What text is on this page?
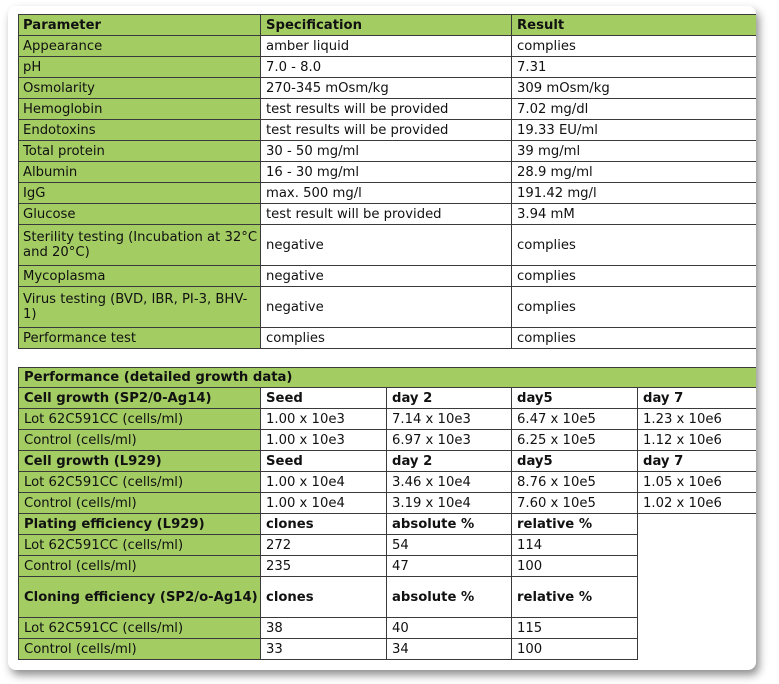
Parameter	Specification	Result
Appearance	amber liquid	complies
pH	7.0 - 8.0	7.31
Osmolarity	270-345 mOsm/kg	309 mOsm/kg
Hemoglobin	test results will be provided	7.02 mg/dl
Endotoxins	test results will be provided	19.33 EU/ml
Total protein	30 - 50 mg/ml	39 mg/ml
Albumin	16 - 30 mg/ml	28.9 mg/ml
IgG	max. 500 mg/l	191.42 mg/l
Glucose	test result will be provided	3.94 mM
Sterility testing (Incubation at 32°C and 20°C)	negative	complies
Mycoplasma	negative	complies
Virus testing (BVD, IBR, PI-3, BHV-1)	negative	complies
Performance test	complies	complies
Performance (detailed growth data)				
Cell growth (SP2/0-Ag14)	Seed	day 2	day5	day 7
Lot 62C591CC (cells/ml)	1.00 x 10e3	7.14 x 10e3	6.47 x 10e5	1.23 x 10e6
Control (cells/ml)	1.00 x 10e3	6.97 x 10e3	6.25 x 10e5	1.12 x 10e6
Cell growth (L929)	Seed	day 2	day5	day 7
Lot 62C591CC (cells/ml)	1.00 x 10e4	3.46 x 10e4	8.76 x 10e5	1.05 x 10e6
Control (cells/ml)	1.00 x 10e4	3.19 x 10e4	7.60 x 10e5	1.02 x 10e6
Plating efficiency (L929)	clones	absolute %	relative %	
Lot 62C591CC (cells/ml)	272	54	114	
Control (cells/ml)	235	47	100	
Cloning efficiency (SP2/o-Ag14)	clones	absolute %	relative %	
Lot 62C591CC (cells/ml)	38	40	115	
Control (cells/ml)	33	34	100	
